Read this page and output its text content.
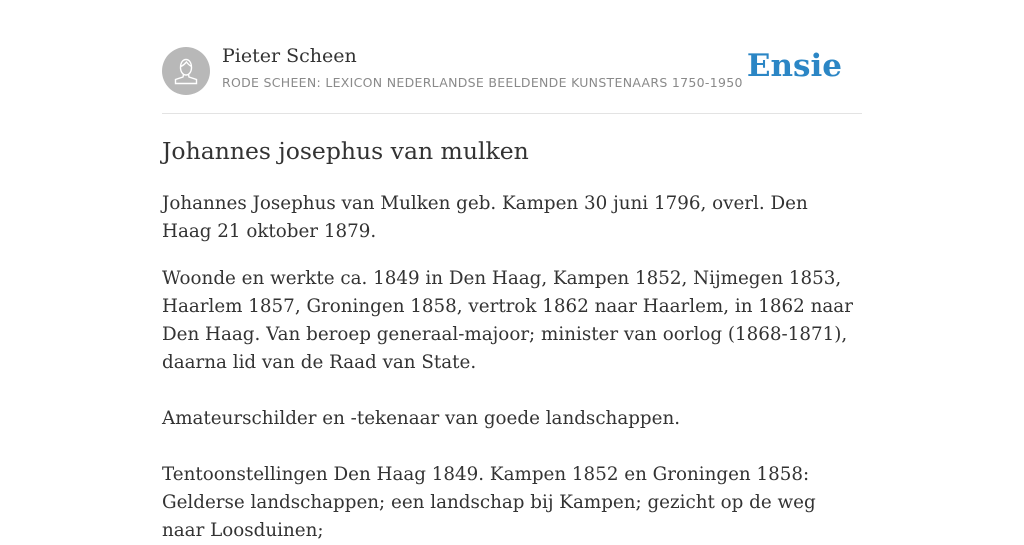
Pieter Scheen
RODE SCHEEN: LEXICON NEDERLANDSE BEELDENDE KUNSTENAARS 1750-1950 Ensie
Johannes josephus van mulken

Johannes Josephus van Mulken geb. Kampen 30 juni 1796, overl. Den Haag 21 oktober 1879.

Woonde en werkte ca. 1849 in Den Haag, Kampen 1852, Nijmegen 1853, Haarlem 1857, Groningen 1858, vertrok 1862 naar Haarlem, in 1862 naar Den Haag. Van beroep generaal-majoor; minister van oorlog (1868-1871), daarna lid van de Raad van State.

Amateurschilder en -tekenaar van goede landschappen.

Tentoonstellingen Den Haag 1849. Kampen 1852 en Groningen 1858: Gelderse landschappen; een landschap bij Kampen; gezicht op de weg naar Loosduinen;
